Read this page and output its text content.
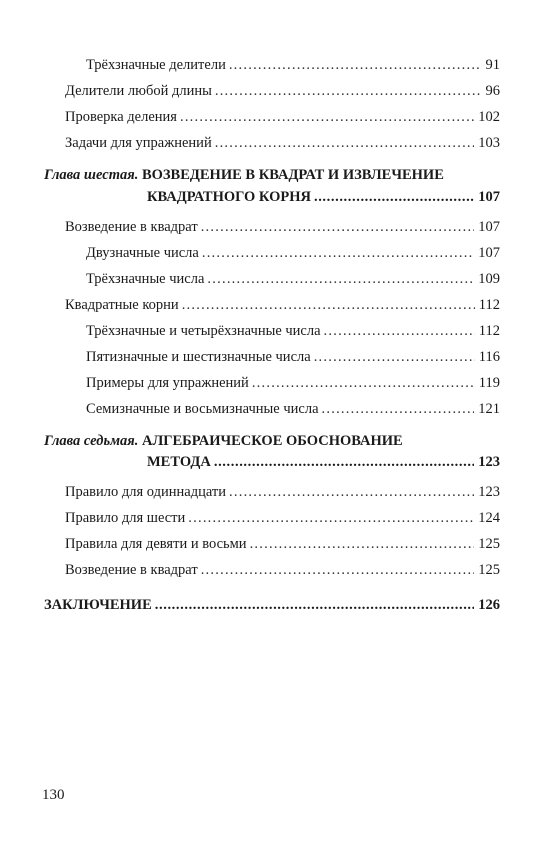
Трёхзначные делители . . .	91
Делители любой длины . . .	96
Проверка деления . . .	102
Задачи для упражнений . . .	103
Глава шестая. ВОЗВЕДЕНИЕ В КВАДРАТ И ИЗВЛЕЧЕНИЕ
КВАДРАТНОГО КОРНЯ .....	107
Возведение в квадрат . . .	107
Двузначные числа . . .	107
Трёхзначные числа . . .	109
Квадратные корни . . .	112
Трёхзначные и четырёхзначные числа . . .	112
Пятизначные и шестизначные числа . . .	116
Примеры для упражнений . . .	119
Семизначные и восьмизначные числа . . .	121
Глава седьмая. АЛГЕБРАИЧЕСКОЕ ОБОСНОВАНИЕ
МЕТОДА .....	123
Правило для одиннадцати . . .	123
Правило для шести . . .	124
Правила для девяти и восьми . . .	125
Возведение в квадрат . . .	125
ЗАКЛЮЧЕНИЕ .....	126
130
